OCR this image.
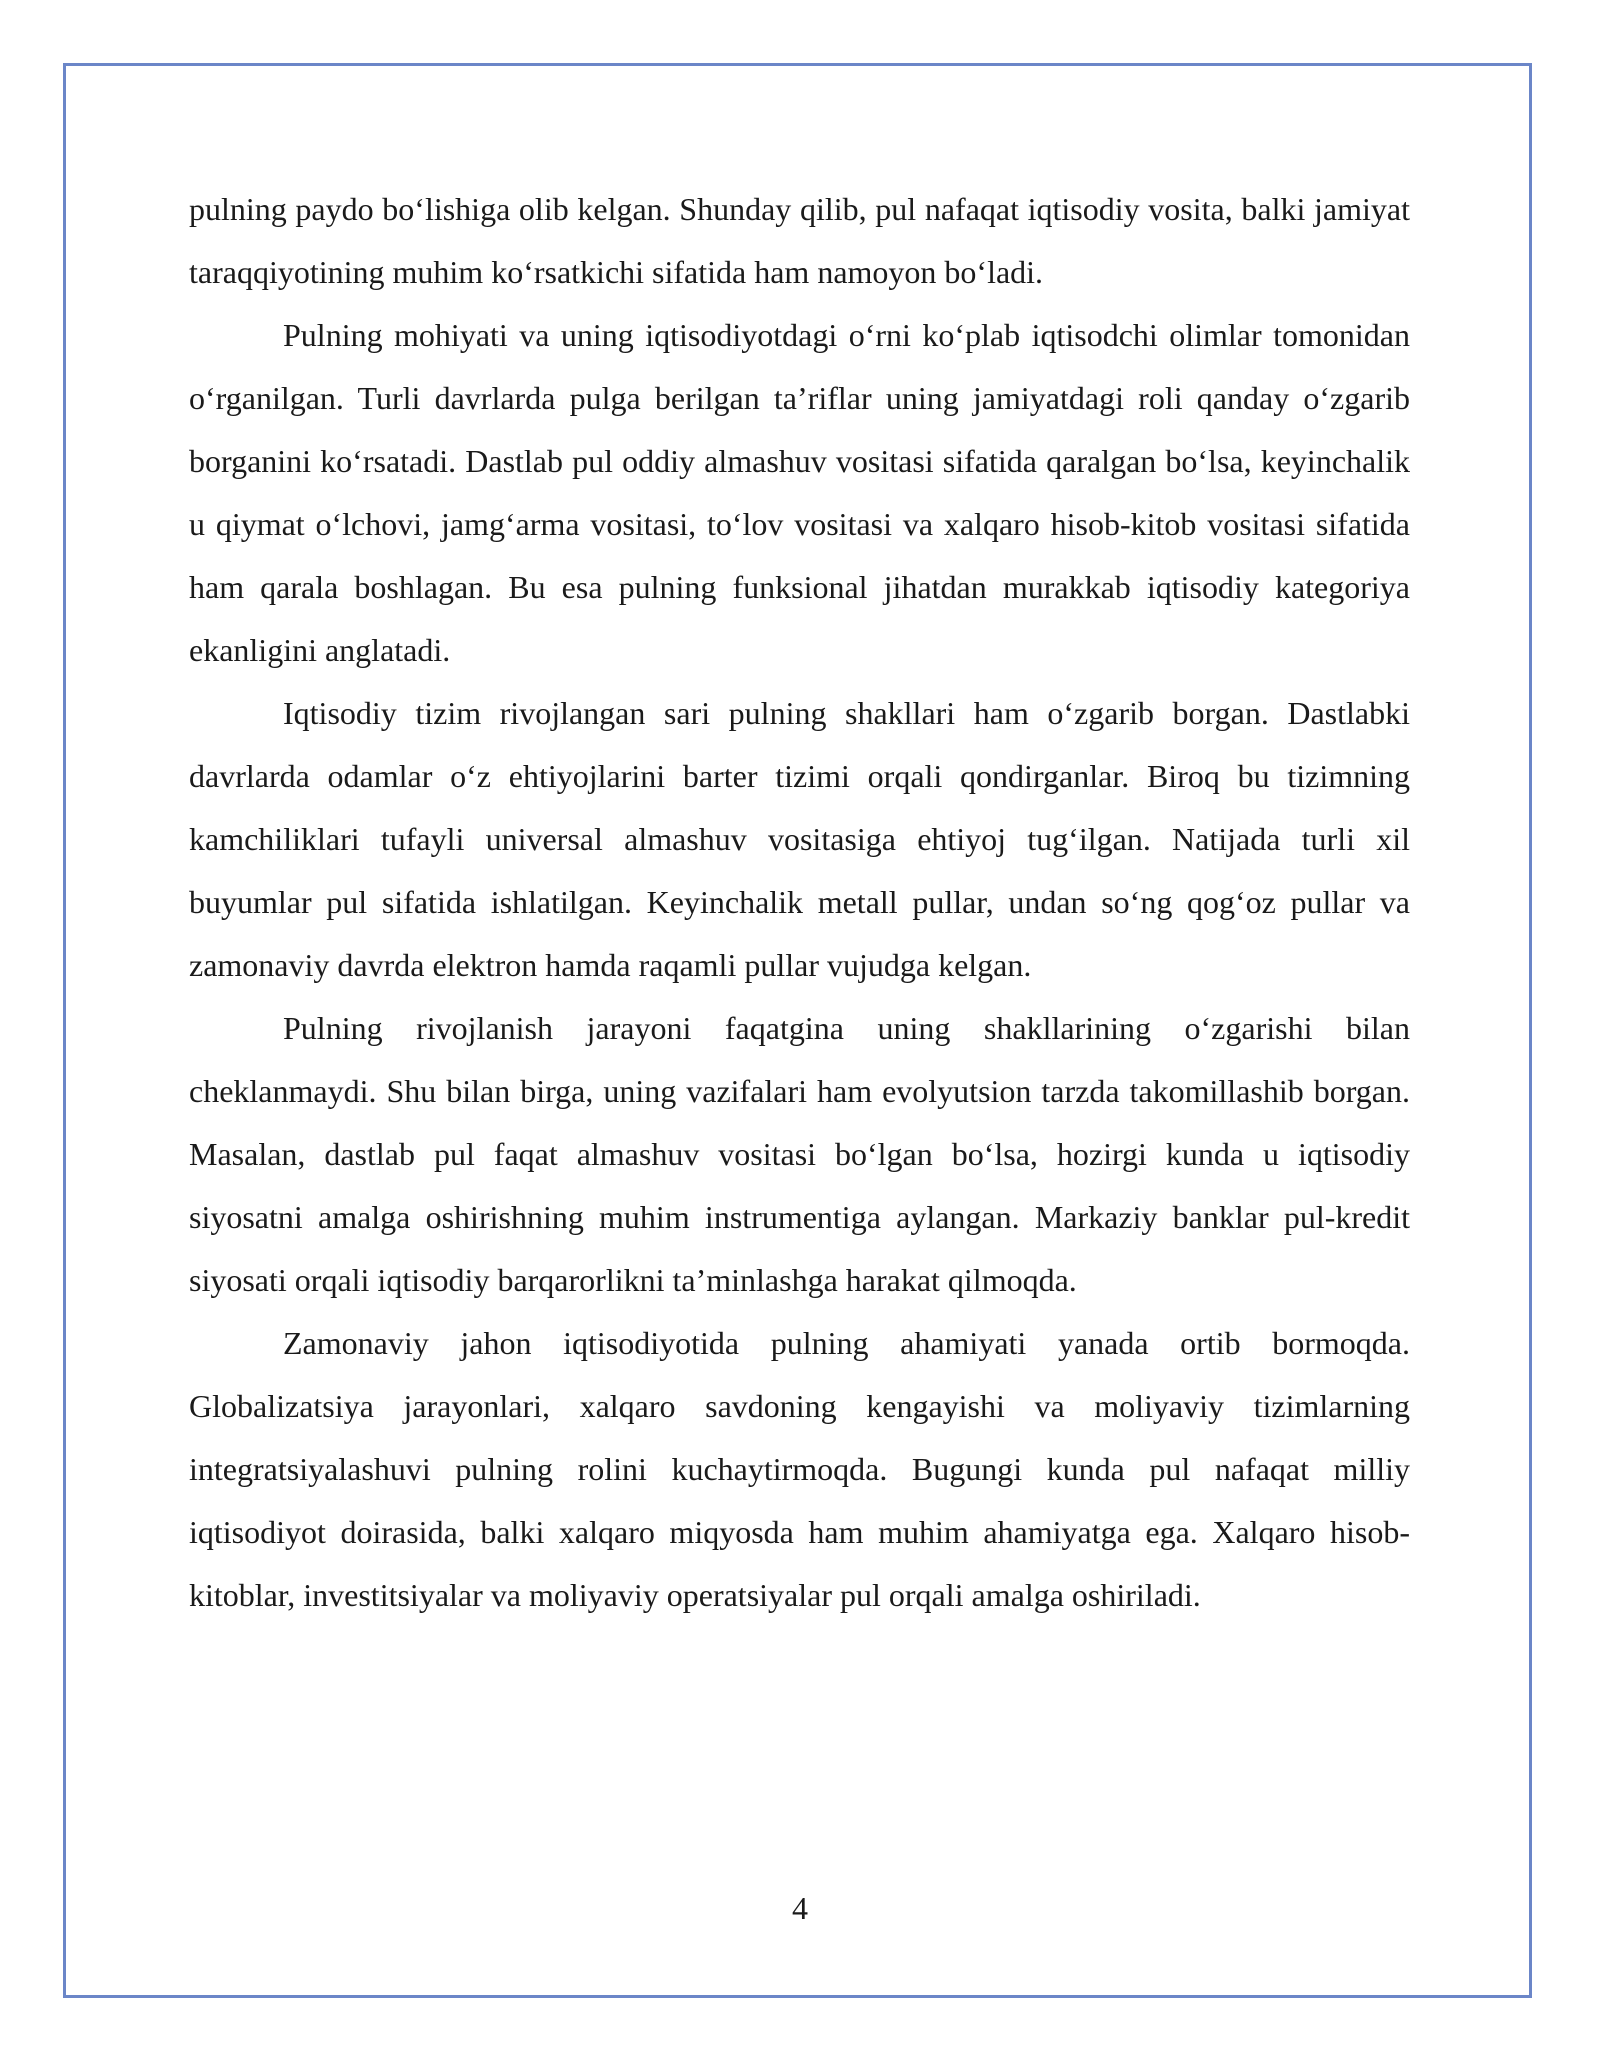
pulning paydo bo‘lishiga olib kelgan. Shunday qilib, pul nafaqat iqtisodiy vosita, balki jamiyat taraqqiyotining muhim ko‘rsatkichi sifatida ham namoyon bo‘ladi.

Pulning mohiyati va uning iqtisodiyotdagi o‘rni ko‘plab iqtisodchi olimlar tomonidan o‘rganilgan. Turli davrlarda pulga berilgan ta’riflar uning jamiyatdagi roli qanday o‘zgarib borganini ko‘rsatadi. Dastlab pul oddiy almashuv vositasi sifatida qaralgan bo‘lsa, keyinchalik u qiymat o‘lchovi, jamg‘arma vositasi, to‘lov vositasi va xalqaro hisob-kitob vositasi sifatida ham qarala boshlagan. Bu esa pulning funksional jihatdan murakkab iqtisodiy kategoriya ekanligini anglatadi.

Iqtisodiy tizim rivojlangan sari pulning shakllari ham o‘zgarib borgan. Dastlabki davrlarda odamlar o‘z ehtiyojlarini barter tizimi orqali qondirganlar. Biroq bu tizimning kamchiliklari tufayli universal almashuv vositasiga ehtiyoj tug‘ilgan. Natijada turli xil buyumlar pul sifatida ishlatilgan. Keyinchalik metall pullar, undan so‘ng qog‘oz pullar va zamonaviy davrda elektron hamda raqamli pullar vujudga kelgan.

Pulning rivojlanish jarayoni faqatgina uning shakllarining o‘zgarishi bilan cheklanmaydi. Shu bilan birga, uning vazifalari ham evolyutsion tarzda takomillashib borgan. Masalan, dastlab pul faqat almashuv vositasi bo‘lgan bo‘lsa, hozirgi kunda u iqtisodiy siyosatni amalga oshirishning muhim instrumentiga aylangan. Markaziy banklar pul-kredit siyosati orqali iqtisodiy barqarorlikni ta’minlashga harakat qilmoqda.

Zamonaviy jahon iqtisodiyotida pulning ahamiyati yanada ortib bormoqda. Globalizatsiya jarayonlari, xalqaro savdoning kengayishi va moliyaviy tizimlarning integratsiyalashuvi pulning rolini kuchaytirmoqda. Bugungi kunda pul nafaqat milliy iqtisodiyot doirasida, balki xalqaro miqyosda ham muhim ahamiyatga ega. Xalqaro hisob-kitoblar, investitsiyalar va moliyaviy operatsiyalar pul orqali amalga oshiriladi.

4
